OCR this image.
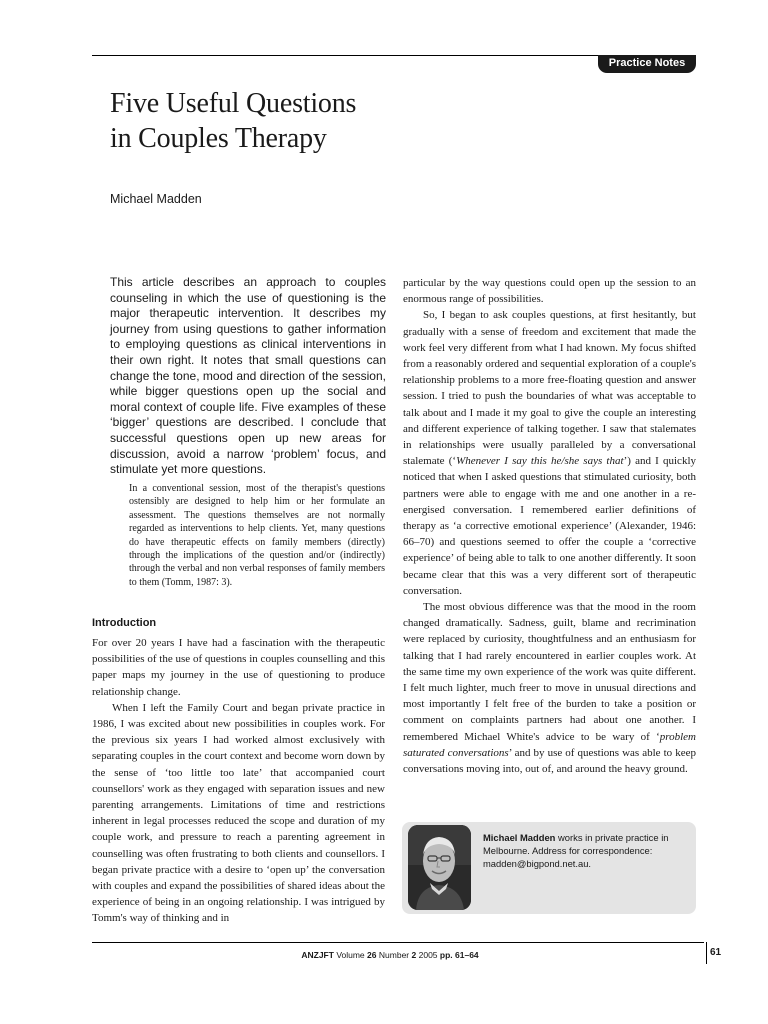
Practice Notes
Five Useful Questions
in Couples Therapy
Michael Madden

This article describes an approach to couples counseling in which the use of questioning is the major therapeutic intervention. It describes my journey from using questions to gather information to employing questions as clinical interventions in their own right. It notes that small questions can change the tone, mood and direction of the session, while bigger questions open up the social and moral context of couple life. Five examples of these ‘bigger’ questions are described. I conclude that successful questions open up new areas for discussion, avoid a narrow ‘problem’ focus, and stimulate yet more questions.

In a conventional session, most of the therapist's questions ostensibly are designed to help him or her formulate an assessment. The questions themselves are not normally regarded as interventions to help clients. Yet, many questions do have therapeutic effects on family members (directly) through the implications of the question and/or (indirectly) through the verbal and non verbal responses of family members to them (Tomm, 1987: 3).

Introduction

For over 20 years I have had a fascination with the therapeutic possibilities of the use of questions in couples counselling and this paper maps my journey in the use of questioning to produce relationship change.

When I left the Family Court and began private practice in 1986, I was excited about new possibilities in couples work. For the previous six years I had worked almost exclusively with separating couples in the court context and become worn down by the sense of ‘too little too late’ that accompanied court counsellors' work as they engaged with separation issues and new parenting arrangements. Limitations of time and restrictions inherent in legal processes reduced the scope and duration of my couple work, and pressure to reach a parenting agreement in counselling was often frustrating to both clients and counsellors. I began private practice with a desire to ‘open up’ the conversation with couples and expand the possibilities of shared ideas about the experience of being in an ongoing relationship. I was intrigued by Tomm's way of thinking and in

particular by the way questions could open up the session to an enormous range of possibilities.

So, I began to ask couples questions, at first hesitantly, but gradually with a sense of freedom and excitement that made the work feel very different from what I had known. My focus shifted from a reasonably ordered and sequential exploration of a couple's relationship problems to a more free-floating question and answer session. I tried to push the boundaries of what was acceptable to talk about and I made it my goal to give the couple an interesting and different experience of talking together. I saw that stalemates in relationships were usually paralleled by a conversational stalemate (‘Whenever I say this he/she says that’) and I quickly noticed that when I asked questions that stimulated curiosity, both partners were able to engage with me and one another in a re-energised conversation. I remembered earlier definitions of therapy as ‘a corrective emotional experience’ (Alexander, 1946: 66–70) and questions seemed to offer the couple a ‘corrective experience’ of being able to talk to one another differently. It soon became clear that this was a very different sort of therapeutic conversation.

The most obvious difference was that the mood in the room changed dramatically. Sadness, guilt, blame and recrimination were replaced by curiosity, thoughtfulness and an enthusiasm for talking that I had rarely encountered in earlier couples work. At the same time my own experience of the work was quite different. I felt much lighter, much freer to move in unusual directions and most importantly I felt free of the burden to take a position or comment on complaints partners had about one another. I remembered Michael White's advice to be wary of ‘problem saturated conversations’ and by use of questions was able to keep conversations moving into, out of, and around the heavy ground.

Michael Madden works in private practice in Melbourne. Address for correspondence: madden@bigpond.net.au.
ANZJFT Volume 26 Number 2 2005 pp. 61–64	61
